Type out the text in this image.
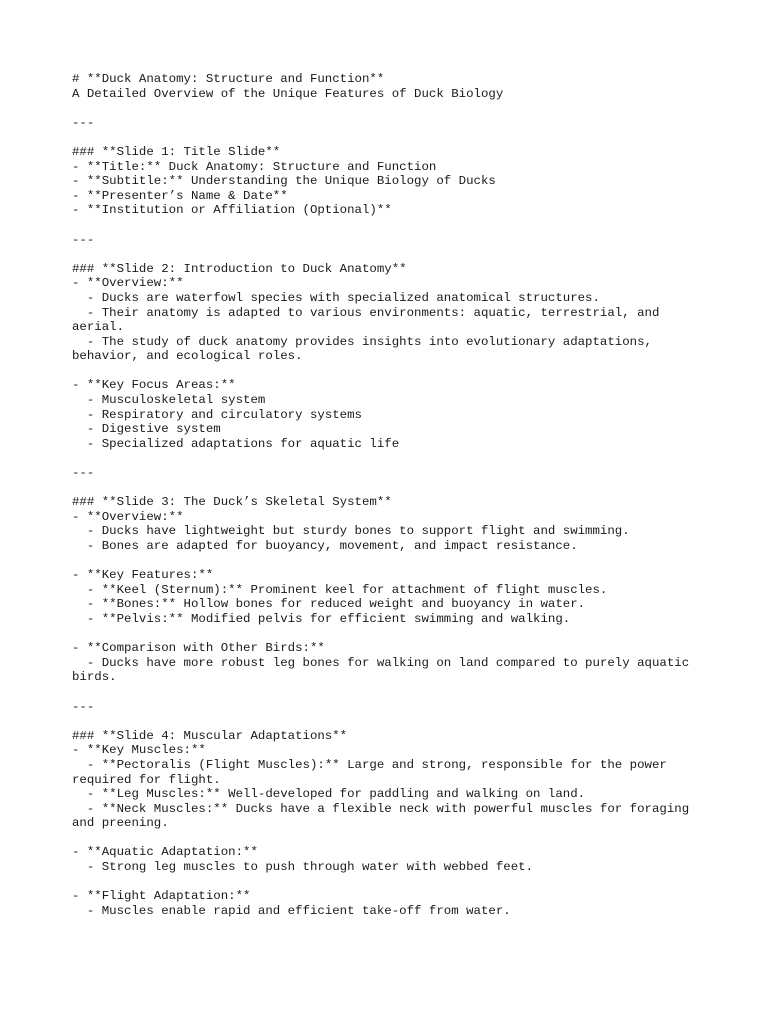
# **Duck Anatomy: Structure and Function**
A Detailed Overview of the Unique Features of Duck Biology
---
### **Slide 1: Title Slide**
- **Title:** Duck Anatomy: Structure and Function
- **Subtitle:** Understanding the Unique Biology of Ducks
- **Presenter’s Name & Date**
- **Institution or Affiliation (Optional)**
---
### **Slide 2: Introduction to Duck Anatomy**
- **Overview:**
- Ducks are waterfowl species with specialized anatomical structures.
- Their anatomy is adapted to various environments: aquatic, terrestrial, and aerial.
- The study of duck anatomy provides insights into evolutionary adaptations, behavior, and ecological roles.
- **Key Focus Areas:**
- Musculoskeletal system
- Respiratory and circulatory systems
- Digestive system
- Specialized adaptations for aquatic life
---
### **Slide 3: The Duck’s Skeletal System**
- **Overview:**
- Ducks have lightweight but sturdy bones to support flight and swimming.
- Bones are adapted for buoyancy, movement, and impact resistance.
- **Key Features:**
- **Keel (Sternum):** Prominent keel for attachment of flight muscles.
- **Bones:** Hollow bones for reduced weight and buoyancy in water.
- **Pelvis:** Modified pelvis for efficient swimming and walking.
- **Comparison with Other Birds:**
- Ducks have more robust leg bones for walking on land compared to purely aquatic birds.
---
### **Slide 4: Muscular Adaptations**
- **Key Muscles:**
- **Pectoralis (Flight Muscles):** Large and strong, responsible for the power required for flight.
- **Leg Muscles:** Well-developed for paddling and walking on land.
- **Neck Muscles:** Ducks have a flexible neck with powerful muscles for foraging and preening.
- **Aquatic Adaptation:**
- Strong leg muscles to push through water with webbed feet.
- **Flight Adaptation:**
- Muscles enable rapid and efficient take-off from water.
